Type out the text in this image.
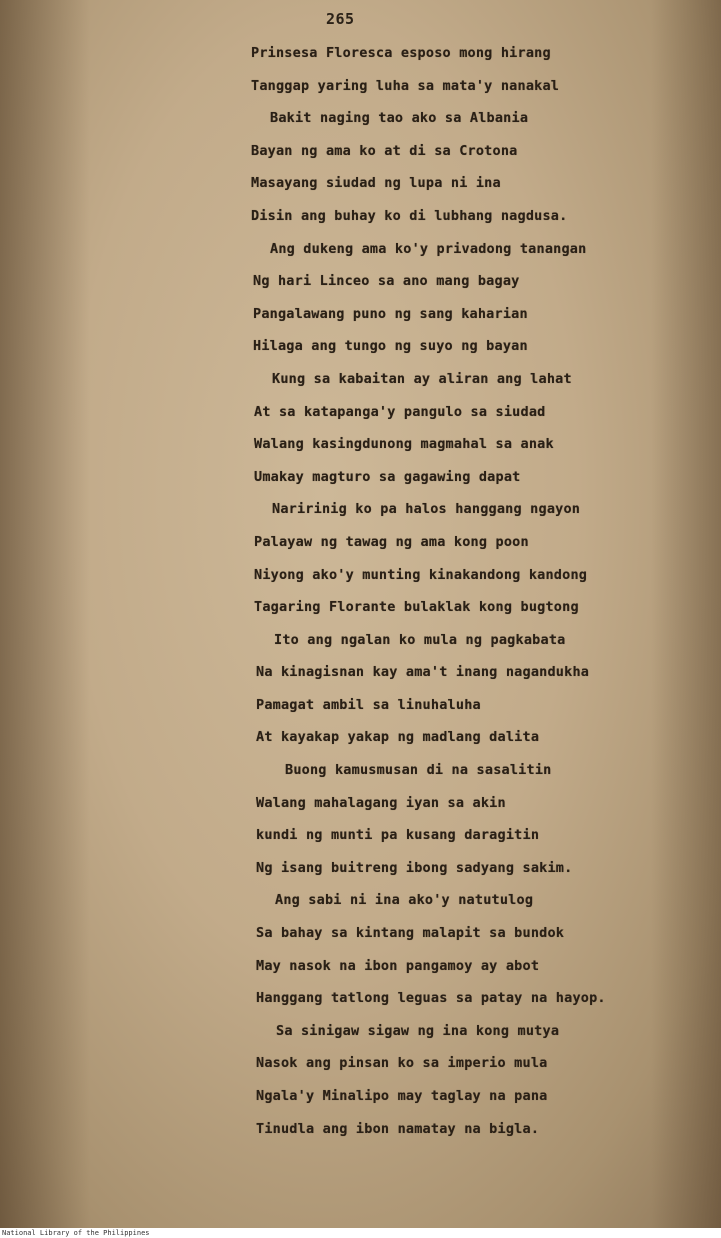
265
Prinsesa Floresca esposo mong hirang
Tanggap yaring luha sa mata'y nanakal
Bakit naging tao ako sa Albania
Bayan ng ama ko at di sa Crotona
Masayang siudad ng lupa ni ina
Disin ang buhay ko di lubhang nagdusa.
Ang dukeng ama ko'y privadong tanangan
Ng hari Linceo sa ano mang bagay
Pangalawang puno ng sang kaharian
Hilaga ang tungo ng suyo ng bayan
Kung sa kabaitan ay aliran ang lahat
At sa katapanga'y pangulo sa siudad
Walang kasingdunong magmahal sa anak
Umakay magturo sa gagawing dapat
Naririnig ko pa halos hanggang ngayon
Palayaw ng tawag ng ama kong poon
Niyong ako'y munting kinakandong kandong
Tagaring Florante bulaklak kong bugtong
Ito ang ngalan ko mula ng pagkabata
Na kinagisnan kay ama't inang nagandukha
Pamagat ambil sa linuhaluha
At kayakap yakap ng madlang dalita
Buong kamusmusan di na sasalitin
Walang mahalagang iyan sa akin
kundi ng munti pa kusang daragitin
Ng isang buitreng ibong sadyang sakim.
Ang sabi ni ina ako'y natutulog
Sa bahay sa kintang malapit sa bundok
May nasok na ibon pangamoy ay abot
Hanggang tatlong leguas sa patay na hayop.
Sa sinigaw sigaw ng ina kong mutya
Nasok ang pinsan ko sa imperio mula
Ngala'y Minalipo may taglay na pana
Tinudla ang ibon namatay na bigla.
National Library of the Philippines
